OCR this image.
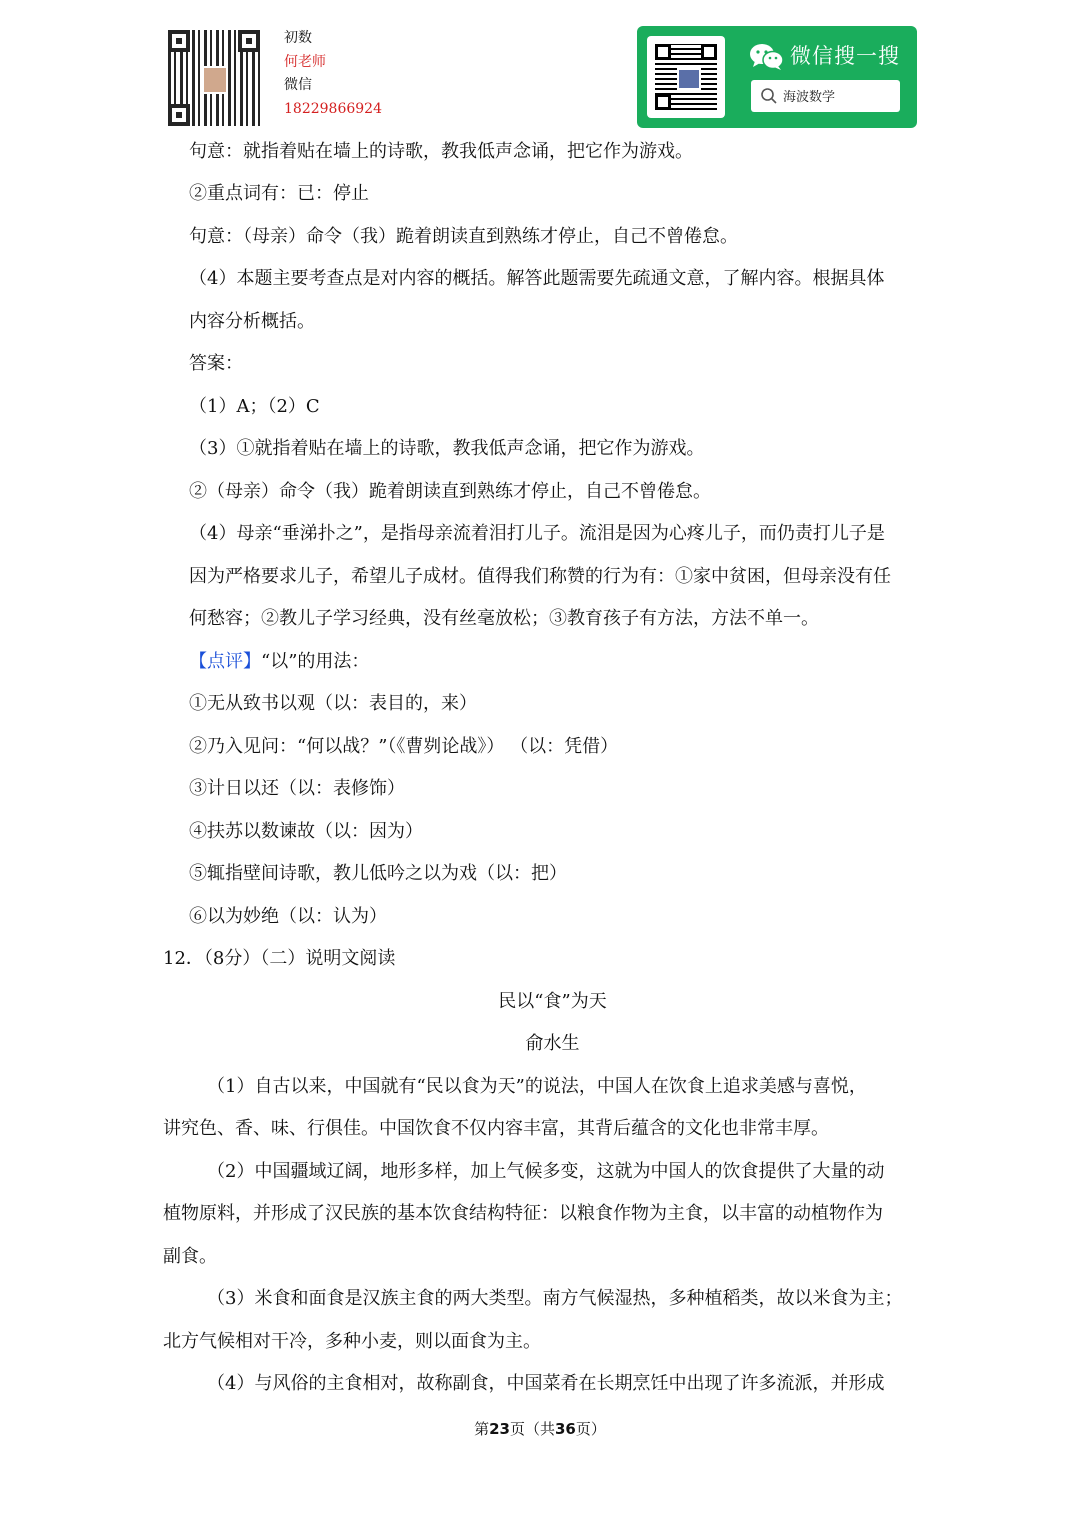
初数
何老师
微信
18229866924
微信搜一搜
海波数学
句意：就指着贴在墙上的诗歌，教我低声念诵，把它作为游戏。
②重点词有：已：停止
句意：（母亲）命令（我）跪着朗读直到熟练才停止，自己不曾倦怠。
（4）本题主要考查点是对内容的概括。解答此题需要先疏通文意，了解内容。根据具体
内容分析概括。
答案：
（1）A；（2）C
（3）①就指着贴在墙上的诗歌，教我低声念诵，把它作为游戏。
②（母亲）命令（我）跪着朗读直到熟练才停止，自己不曾倦怠。
（4）母亲“垂涕扑之”，是指母亲流着泪打儿子。流泪是因为心疼儿子，而仍责打儿子是
因为严格要求儿子，希望儿子成材。值得我们称赞的行为有：①家中贫困，但母亲没有任
何愁容；②教儿子学习经典，没有丝毫放松；③教育孩子有方法，方法不单一。
【点评】“以”的用法：
①无从致书以观（以：表目的，来）
②乃入见问：“何以战？”（《曹刿论战》） （以：凭借）
③计日以还（以：表修饰）
④扶苏以数谏故（以：因为）
⑤辄指壁间诗歌，教儿低吟之以为戏（以：把）
⑥以为妙绝（以：认为）
12．（8分）（二）说明文阅读
民以“食”为天
俞水生
（1）自古以来，中国就有“民以食为天”的说法，中国人在饮食上追求美感与喜悦，
讲究色、香、味、行俱佳。中国饮食不仅内容丰富，其背后蕴含的文化也非常丰厚。
（2）中国疆域辽阔，地形多样，加上气候多变，这就为中国人的饮食提供了大量的动
植物原料，并形成了汉民族的基本饮食结构特征：以粮食作物为主食，以丰富的动植物作为
副食。
（3）米食和面食是汉族主食的两大类型。南方气候湿热，多种植稻类，故以米食为主；
北方气候相对干冷，多种小麦，则以面食为主。
（4）与风俗的主食相对，故称副食，中国菜肴在长期烹饪中出现了许多流派，并形成
第23页（共36页）
